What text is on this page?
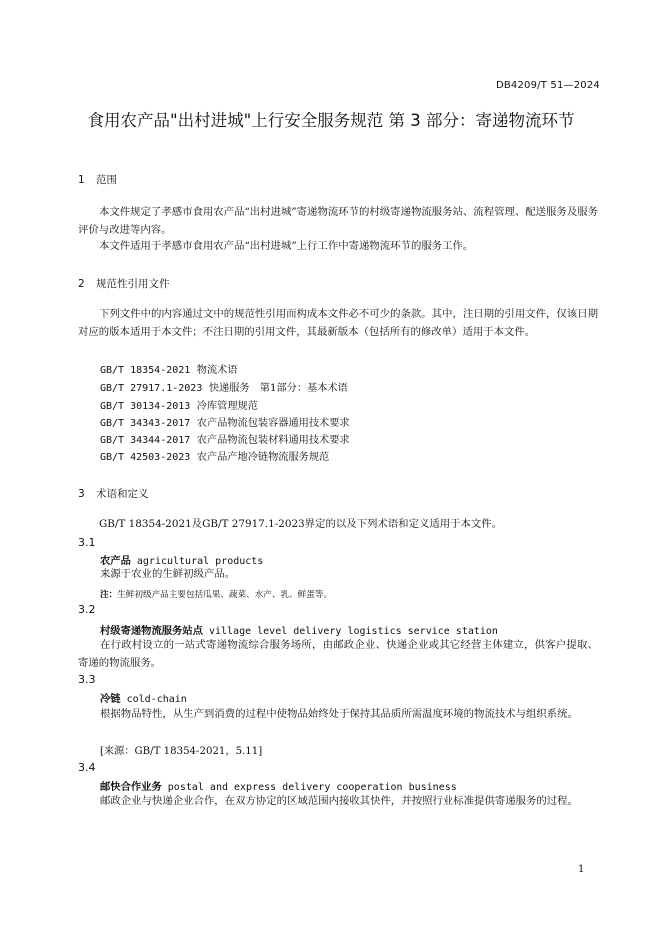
DB4209/T 51—2024
食用农产品"出村进城"上行安全服务规范 第 3 部分：寄递物流环节
1 范围
本文件规定了孝感市食用农产品“出村进城”寄递物流环节的村级寄递物流服务站、流程管理、配送服务及服务评价与改进等内容。
本文件适用于孝感市食用农产品“出村进城”上行工作中寄递物流环节的服务工作。
2 规范性引用文件
下列文件中的内容通过文中的规范性引用而构成本文件必不可少的条款。其中，注日期的引用文件，仅该日期对应的版本适用于本文件；不注日期的引用文件，其最新版本（包括所有的修改单）适用于本文件。
GB/T 18354-2021 物流术语
GB/T 27917.1-2023 快递服务　第1部分：基本术语
GB/T 30134-2013 冷库管理规范
GB/T 34343-2017 农产品物流包装容器通用技术要求
GB/T 34344-2017 农产品物流包装材料通用技术要求
GB/T 42503-2023 农产品产地冷链物流服务规范
3 术语和定义
GB/T 18354-2021及GB/T 27917.1-2023界定的以及下列术语和定义适用于本文件。
3.1
农产品 agricultural products
来源于农业的生鲜初级产品。
注：生鲜初级产品主要包括瓜果、蔬菜、水产、乳、鲜蛋等。
3.2
村级寄递物流服务站点 village level delivery logistics service station
在行政村设立的一站式寄递物流综合服务场所，由邮政企业、快递企业或其它经营主体建立，供客户提取、寄递的物流服务。
3.3
冷链 cold-chain
根据物品特性，从生产到消费的过程中使物品始终处于保持其品质所需温度环境的物流技术与组织系统。
[来源：GB/T 18354-2021，5.11]
3.4
邮快合作业务 postal and express delivery cooperation business
邮政企业与快递企业合作，在双方协定的区域范围内接收其快件，并按照行业标准提供寄递服务的过程。
1
